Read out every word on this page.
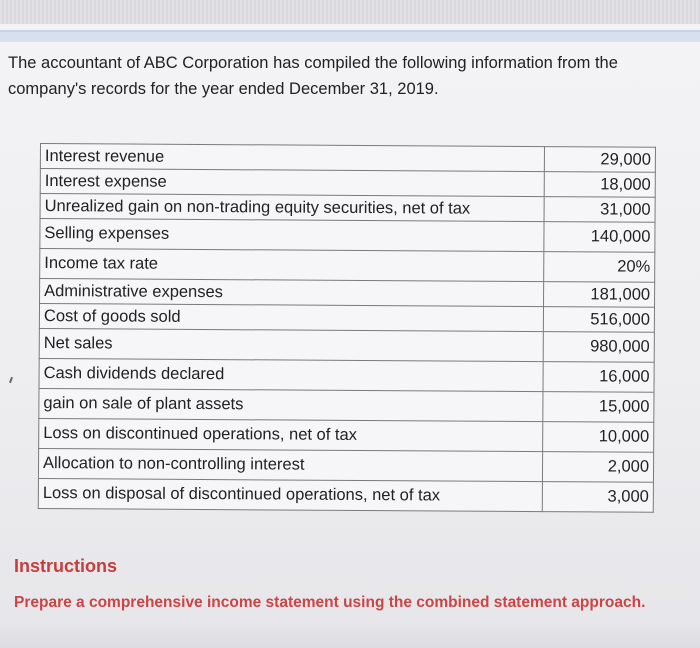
The accountant of ABC Corporation has compiled the following information from the company's records for the year ended December 31, 2019.

Interest revenue	29,000
Interest expense	18,000
Unrealized gain on non-trading equity securities, net of tax	31,000
Selling expenses	140,000
Income tax rate	20%
Administrative expenses	181,000
Cost of goods sold	516,000
Net sales	980,000
Cash dividends declared	16,000
gain on sale of plant assets	15,000
Loss on discontinued operations, net of tax	10,000
Allocation to non-controlling interest	2,000
Loss on disposal of discontinued operations, net of tax	3,000

Instructions

Prepare a comprehensive income statement using the combined statement approach.
